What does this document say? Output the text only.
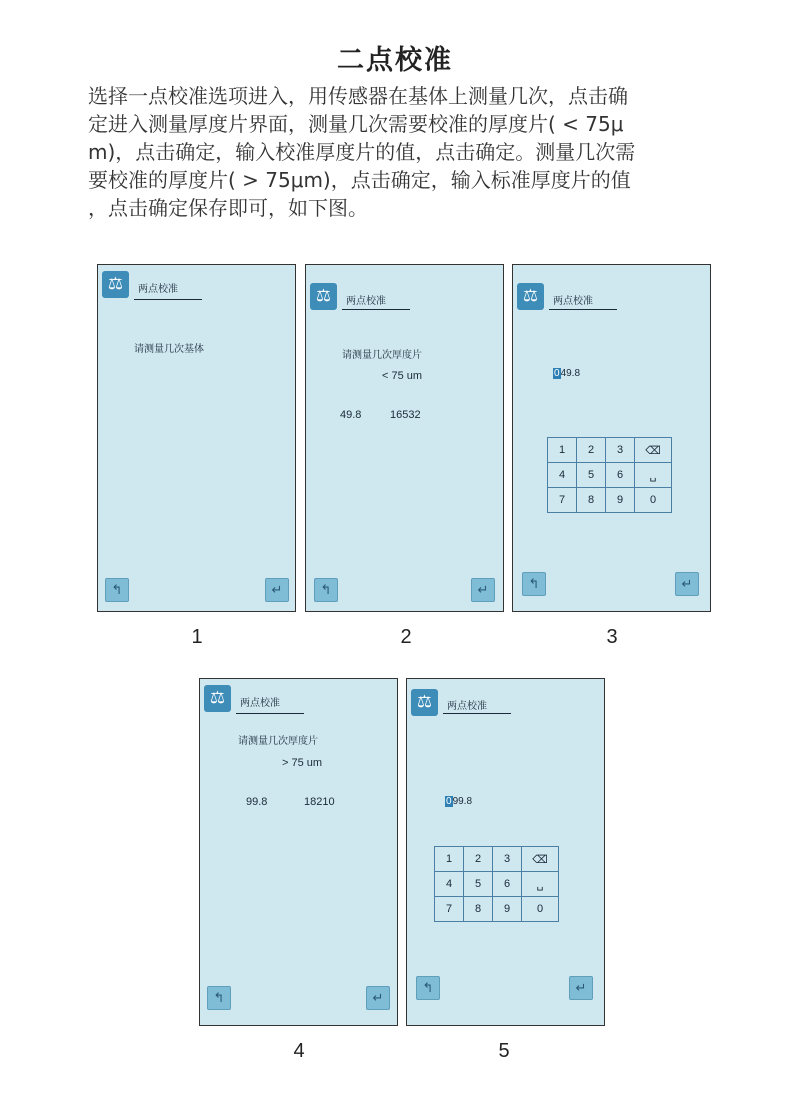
二点校准
选择一点校准选项进入，用传感器在基体上测量几次，点击确
定进入测量厚度片界面，测量几次需要校准的厚度片( < 75μ
m)，点击确定，输入校准厚度片的值，点击确定。测量几次需
要校准的厚度片( > 75μm)，点击确定，输入标准厚度片的值
，点击确定保存即可，如下图。
⚖	两点校准
请测量几次基体
↰	↵
⚖	两点校准
请测量几次厚度片
< 75 um
49.8	16532
↰	↵
⚖	两点校准
049.8
1	2	3	⌫
4	5	6	␣
7	8	9	0
↰	↵
⚖	两点校准
请测量几次厚度片
> 75 um
99.8	18210
↰	↵
⚖	两点校准
099.8
1	2	3	⌫
4	5	6	␣
7	8	9	0
↰	↵
1	2	3
4	5
